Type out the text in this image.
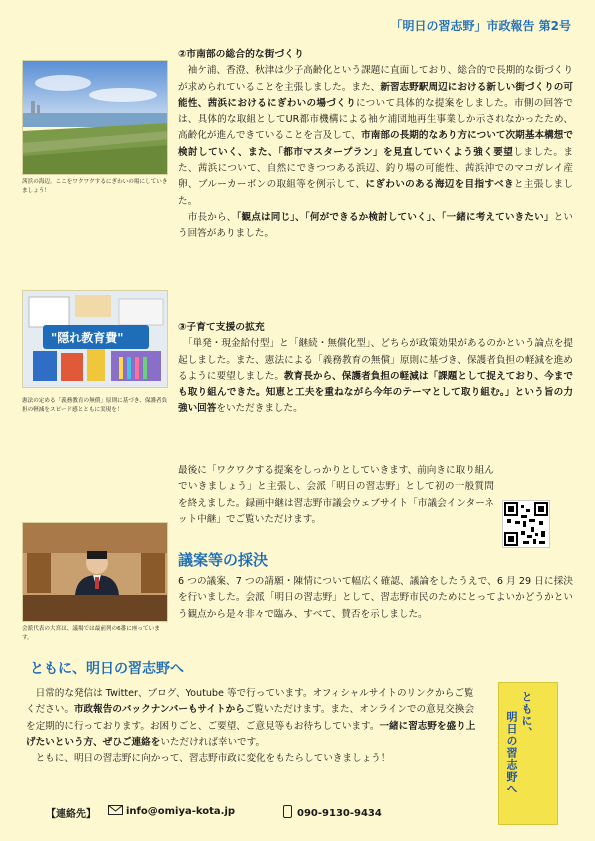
「明日の習志野」市政報告 第2号
茜浜の海辺。ここをワクワクするにぎわいの場にしていきましょう！
"隠れ教育費"
憲法の定める「義務教育の無償」原則に基づき、保護者負担の軽減をスピード感とともに実現を！
会派代表の大宮は、議場では最前列の6番に座っています。
②市南部の総合的な街づくり

　袖ケ浦、香澄、秋津は少子高齢化という課題に直面しており、総合的で長期的な街づくりが求められていることを主張しました。また、新習志野駅周辺における新しい街づくりの可能性、茜浜におけるにぎわいの場づくりについて具体的な提案をしました。市側の回答では、具体的な取組としてUR都市機構による袖ケ浦団地再生事業しか示されなかったため、高齢化が進んできていることを言及して、市南部の長期的なあり方について次期基本構想で検討していく、また、「都市マスタープラン」を見直していくよう強く要望しました。また、茜浜について、自然にできつつある浜辺、釣り場の可能性、茜浜沖でのマコガレイ産卵、ブルーカーボンの取組等を例示して、にぎわいのある海辺を目指すべきと主張しました。

　市長から、「観点は同じ」、「何ができるか検討していく」、「一緒に考えていきたい」という回答がありました。

③子育て支援の拡充

　「単発・現金給付型」と「継続・無償化型」、どちらが政策効果があるのかという論点を提起しました。また、憲法による「義務教育の無償」原則に基づき、保護者負担の軽減を進めるように要望しました。教育長から、保護者負担の軽減は「課題として捉えており、今までも取り組んできた。知恵と工夫を重ねながら今年のテーマとして取り組む。」という旨の力強い回答をいただきました。

最後に「ワクワクする提案をしっかりとしていきます、前向きに取り組んでいきましょう」と主張し、会派「明日の習志野」として初の一般質問を終えました。録画中継は習志野市議会ウェブサイト「市議会インターネット中継」でご覧いただけます。

議案等の採決

6 つの議案、7 つの請願・陳情について幅広く確認、議論をしたうえで、6 月 29 日に採決を行いました。会派「明日の習志野」として、習志野市民のためにとってよいかどうかという観点から是々非々で臨み、すべて、賛否を示しました。

ともに、明日の習志野へ

　日常的な発信は Twitter、ブログ、Youtube 等で行っています。オフィシャルサイトのリンクからご覧ください。市政報告のバックナンバーもサイトからご覧いただけます。また、オンラインでの意見交換会を定期的に行っております。お困りごと、ご要望、ご意見等もお待ちしています。一緒に習志野を盛り上げたいという方、ぜひご連絡をいただければ幸いです。

　ともに、明日の習志野に向かって、習志野市政に変化をもたらしていきましょう！

【連絡先】	info@omiya-kota.jp	090-9130-9434
ともに、
明日の習志野へ
